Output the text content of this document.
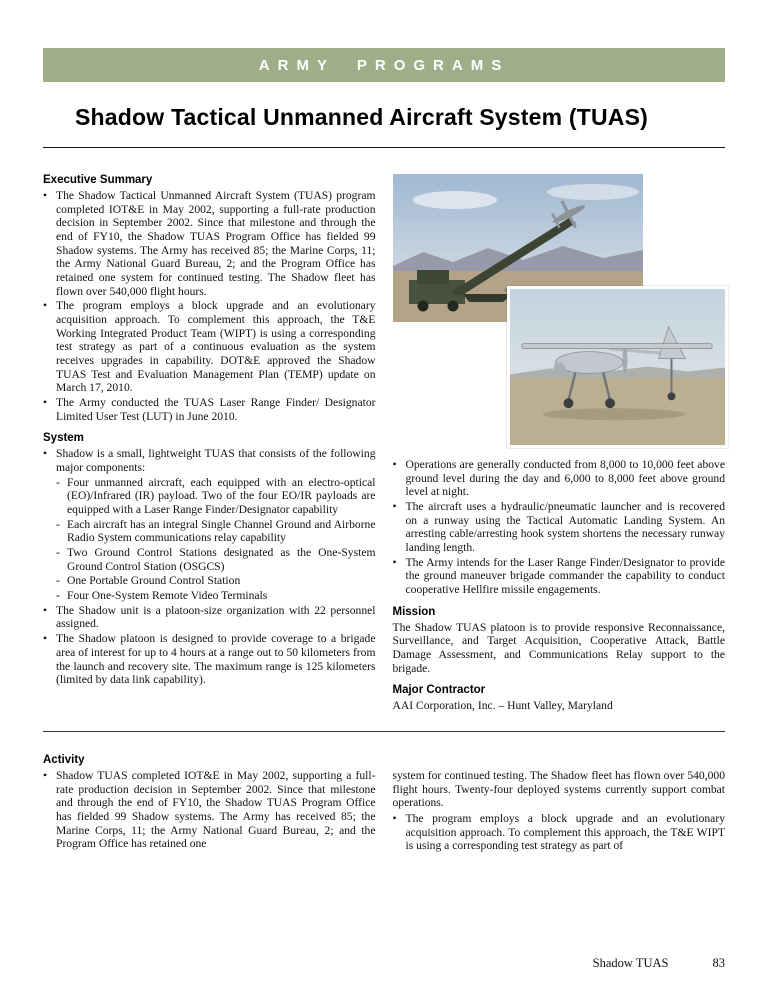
ARMY PROGRAMS
Shadow Tactical Unmanned Aircraft System (TUAS)
Executive Summary
• The Shadow Tactical Unmanned Aircraft System (TUAS) program completed IOT&E in May 2002, supporting a full-rate production decision in September 2002. Since that milestone and through the end of FY10, the Shadow TUAS Program Office has fielded 99 Shadow systems. The Army has received 85; the Marine Corps, 11; the Army National Guard Bureau, 2; and the Program Office has retained one system for continued testing. The Shadow fleet has flown over 540,000 flight hours.
• The program employs a block upgrade and an evolutionary acquisition approach. To complement this approach, the T&E Working Integrated Product Team (WIPT) is using a corresponding test strategy as part of a continuous evaluation as the system receives upgrades in capability. DOT&E approved the Shadow TUAS Test and Evaluation Management Plan (TEMP) update on March 17, 2010.
• The Army conducted the TUAS Laser Range Finder/ Designator Limited User Test (LUT) in June 2010.
System
• Shadow is a small, lightweight TUAS that consists of the following major components:
- Four unmanned aircraft, each equipped with an electro-optical (EO)/Infrared (IR) payload. Two of the four EO/IR payloads are equipped with a Laser Range Finder/Designator capability
- Each aircraft has an integral Single Channel Ground and Airborne Radio System communications relay capability
- Two Ground Control Stations designated as the One-System Ground Control Station (OSGCS)
- One Portable Ground Control Station
- Four One-System Remote Video Terminals
• The Shadow unit is a platoon-size organization with 22 personnel assigned.
• The Shadow platoon is designed to provide coverage to a brigade area of interest for up to 4 hours at a range out to 50 kilometers from the launch and recovery site. The maximum range is 125 kilometers (limited by data link capability).
• Operations are generally conducted from 8,000 to 10,000 feet above ground level during the day and 6,000 to 8,000 feet above ground level at night.
• The aircraft uses a hydraulic/pneumatic launcher and is recovered on a runway using the Tactical Automatic Landing System. An arresting cable/arresting hook system shortens the necessary runway landing length.
• The Army intends for the Laser Range Finder/Designator to provide the ground maneuver brigade commander the capability to conduct cooperative Hellfire missile engagements.
Mission

The Shadow TUAS platoon is to provide responsive Reconnaissance, Surveillance, and Target Acquisition, Cooperative Attack, Battle Damage Assessment, and Communications Relay support to the brigade.

Major Contractor

AAI Corporation, Inc. – Hunt Valley, Maryland

Activity
• Shadow TUAS completed IOT&E in May 2002, supporting a full-rate production decision in September 2002. Since that milestone and through the end of FY10, the Shadow TUAS Program Office has fielded 99 Shadow systems. The Army has received 85; the Marine Corps, 11; the Army National Guard Bureau, 2; and the Program Office has retained one

system for continued testing. The Shadow fleet has flown over 540,000 flight hours. Twenty-four deployed systems currently support combat operations.

• The program employs a block upgrade and an evolutionary acquisition approach. To complement this approach, the T&E WIPT is using a corresponding test strategy as part of
Shadow TUAS	83
